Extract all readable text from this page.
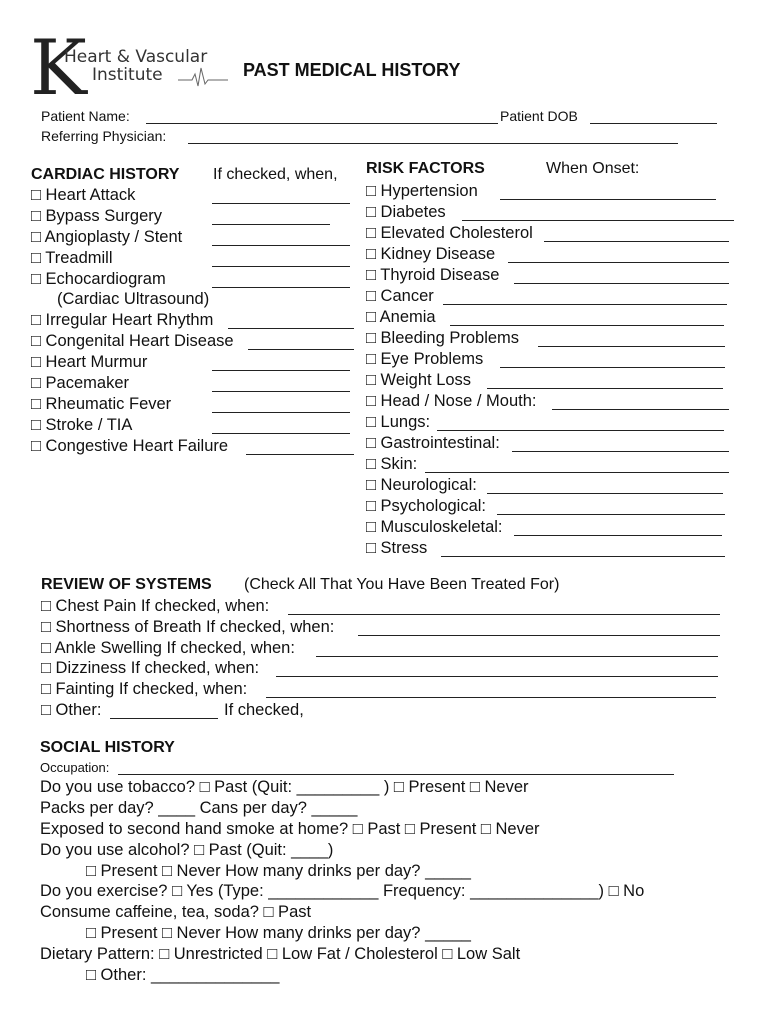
K
Heart & Vascular
Institute	PAST MEDICAL HISTORY
Patient Name:	Patient DOB
Referring Physician:
CARDIAC HISTORY If checked, when,
□ Heart Attack
□ Bypass Surgery
□ Angioplasty / Stent
□ Treadmill
□ Echocardiogram
(Cardiac Ultrasound)
□ Irregular Heart Rhythm
□ Congenital Heart Disease
□ Heart Murmur
□ Pacemaker
□ Rheumatic Fever
□ Stroke / TIA
□ Congestive Heart Failure
RISK FACTORS	When Onset:
□ Hypertension
□ Diabetes
□ Elevated Cholesterol
□ Kidney Disease
□ Thyroid Disease
□ Cancer
□ Anemia
□ Bleeding Problems
□ Eye Problems
□ Weight Loss
□ Head / Nose / Mouth:
□ Lungs:
□ Gastrointestinal:
□ Skin:
□ Neurological:
□ Psychological:
□ Musculoskeletal:
□ Stress
REVIEW OF SYSTEMS (Check All That You Have Been Treated For)
□ Chest Pain If checked, when:
□ Shortness of Breath If checked, when:
□ Ankle Swelling If checked, when:
□ Dizziness If checked, when:
□ Fainting If checked, when:
□ Other:	If checked,
SOCIAL HISTORY
Occupation:
Do you use tobacco? □ Past (Quit: _________ ) □ Present □ Never
Packs per day? ____ Cans per day? _____
Exposed to second hand smoke at home? □ Past □ Present □ Never
Do you use alcohol? □ Past (Quit: ____)
□ Present □ Never How many drinks per day? _____
Do you exercise? □ Yes (Type: ____________ Frequency: ______________) □ No
Consume caffeine, tea, soda? □ Past
□ Present □ Never How many drinks per day? _____
Dietary Pattern: □ Unrestricted □ Low Fat / Cholesterol □ Low Salt
□ Other: ______________
